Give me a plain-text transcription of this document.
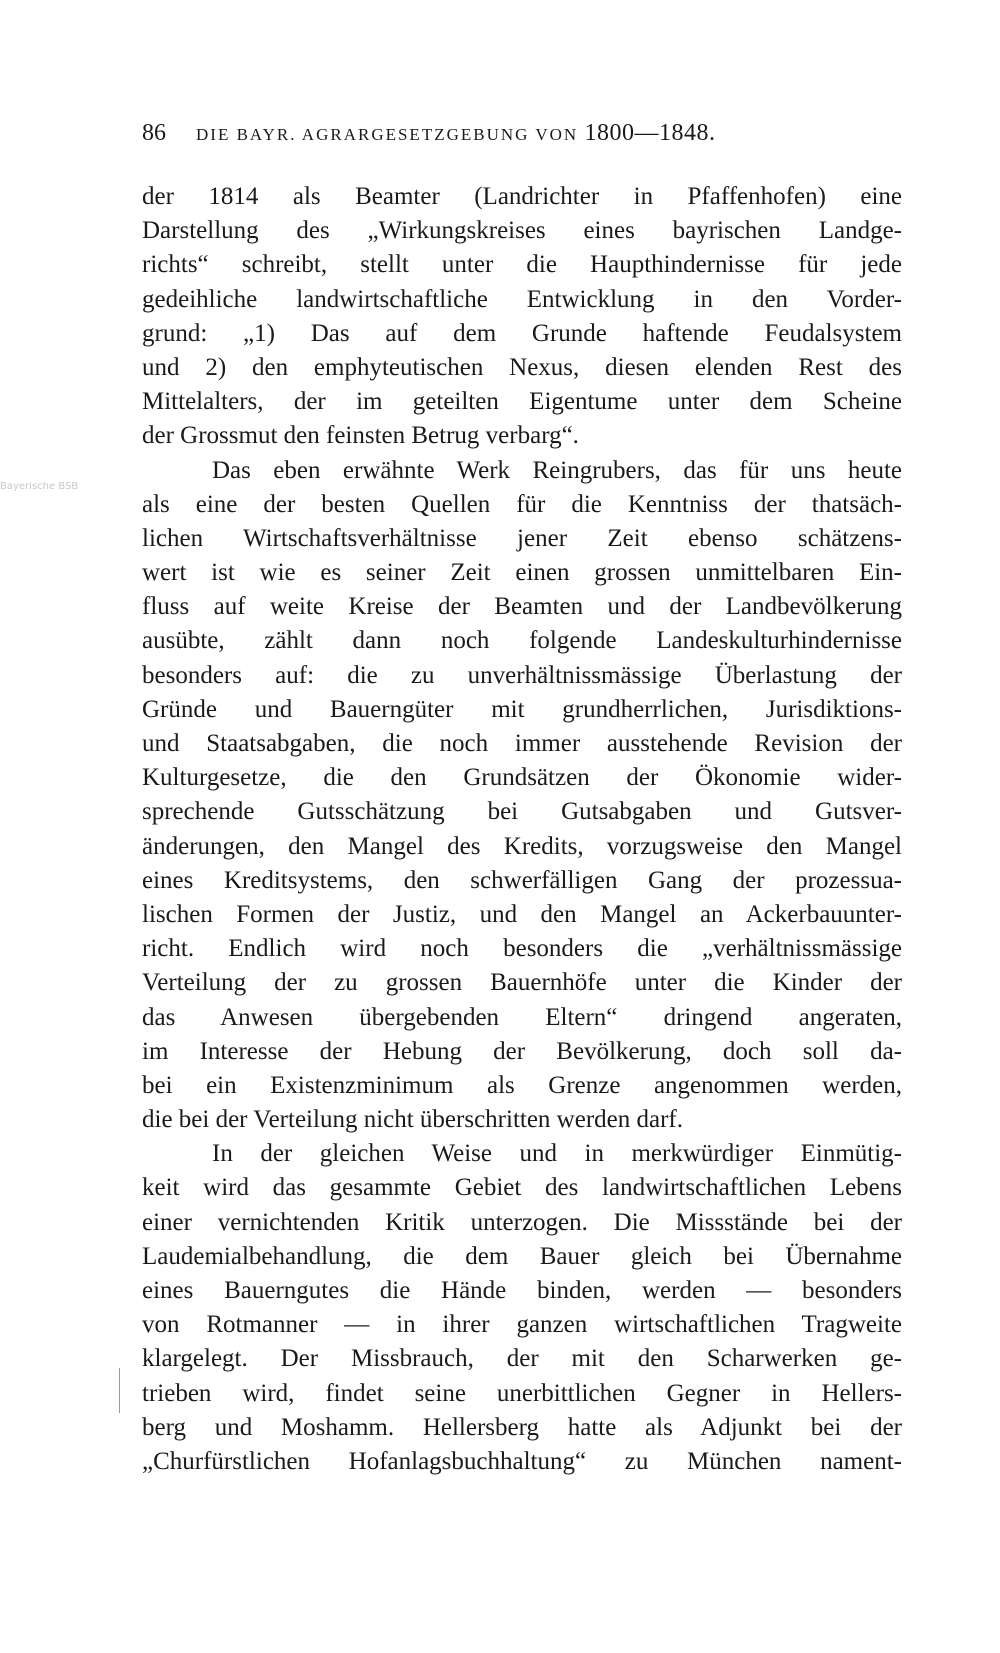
86 DIE BAYR. AGRARGESETZGEBUNG VON 1800—1848.
Bayerische BSB
der 1814 als Beamter (Landrichter in Pfaffenhofen) eine
Darstellung des „Wirkungskreises eines bayrischen Landge-
richts“ schreibt, stellt unter die Haupthindernisse für jede
gedeihliche landwirtschaftliche Entwicklung in den Vorder-
grund: „1) Das auf dem Grunde haftende Feudalsystem
und 2) den emphyteutischen Nexus, diesen elenden Rest des
Mittelalters, der im geteilten Eigentume unter dem Scheine
der Grossmut den feinsten Betrug verbarg“.
Das eben erwähnte Werk Reingrubers, das für uns heute
als eine der besten Quellen für die Kenntniss der thatsäch-
lichen Wirtschaftsverhältnisse jener Zeit ebenso schätzens-
wert ist wie es seiner Zeit einen grossen unmittelbaren Ein-
fluss auf weite Kreise der Beamten und der Landbevölkerung
ausübte, zählt dann noch folgende Landeskulturhindernisse
besonders auf: die zu unverhältnissmässige Überlastung der
Gründe und Bauerngüter mit grundherrlichen, Jurisdiktions-
und Staatsabgaben, die noch immer ausstehende Revision der
Kulturgesetze, die den Grundsätzen der Ökonomie wider-
sprechende Gutsschätzung bei Gutsabgaben und Gutsver-
änderungen, den Mangel des Kredits, vorzugsweise den Mangel
eines Kreditsystems, den schwerfälligen Gang der prozessua-
lischen Formen der Justiz, und den Mangel an Ackerbauunter-
richt. Endlich wird noch besonders die „verhältnissmässige
Verteilung der zu grossen Bauernhöfe unter die Kinder der
das Anwesen übergebenden Eltern“ dringend angeraten,
im Interesse der Hebung der Bevölkerung, doch soll da-
bei ein Existenzminimum als Grenze angenommen werden,
die bei der Verteilung nicht überschritten werden darf.
In der gleichen Weise und in merkwürdiger Einmütig-
keit wird das gesammte Gebiet des landwirtschaftlichen Lebens
einer vernichtenden Kritik unterzogen. Die Missstände bei der
Laudemialbehandlung, die dem Bauer gleich bei Übernahme
eines Bauerngutes die Hände binden, werden — besonders
von Rotmanner — in ihrer ganzen wirtschaftlichen Tragweite
klargelegt. Der Missbrauch, der mit den Scharwerken ge-
trieben wird, findet seine unerbittlichen Gegner in Hellers-
berg und Moshamm. Hellersberg hatte als Adjunkt bei der
„Churfürstlichen Hofanlagsbuchhaltung“ zu München nament-
